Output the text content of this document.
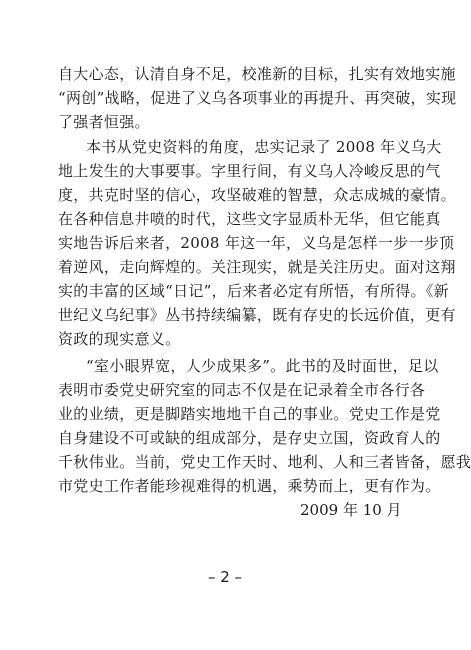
自大心态，认清自身不足，校准新的目标，扎实有效地实施
“两创”战略，促进了义乌各项事业的再提升、再突破，实现
了强者恒强。
本书从党史资料的角度，忠实记录了 2008 年义乌大
地上发生的大事要事。字里行间，有义乌人冷峻反思的气
度，共克时坚的信心，攻坚破难的智慧，众志成城的豪情。
在各种信息井喷的时代，这些文字显质朴无华，但它能真
实地告诉后来者，2008 年这一年，义乌是怎样一步一步顶
着逆风，走向辉煌的。关注现实，就是关注历史。面对这翔
实的丰富的区域“日记”，后来者必定有所悟，有所得。《新
世纪义乌纪事》丛书持续编纂，既有存史的长远价值，更有
资政的现实意义。
“室小眼界宽，人少成果多”。此书的及时面世，足以
表明市委党史研究室的同志不仅是在记录着全市各行各
业的业绩，更是脚踏实地地干自己的事业。党史工作是党
自身建设不可或缺的组成部分，是存史立国，资政育人的
千秋伟业。当前，党史工作天时、地利、人和三者皆备，愿我
市党史工作者能珍视难得的机遇，乘势而上，更有作为。
2009 年 10 月
– 2 –
